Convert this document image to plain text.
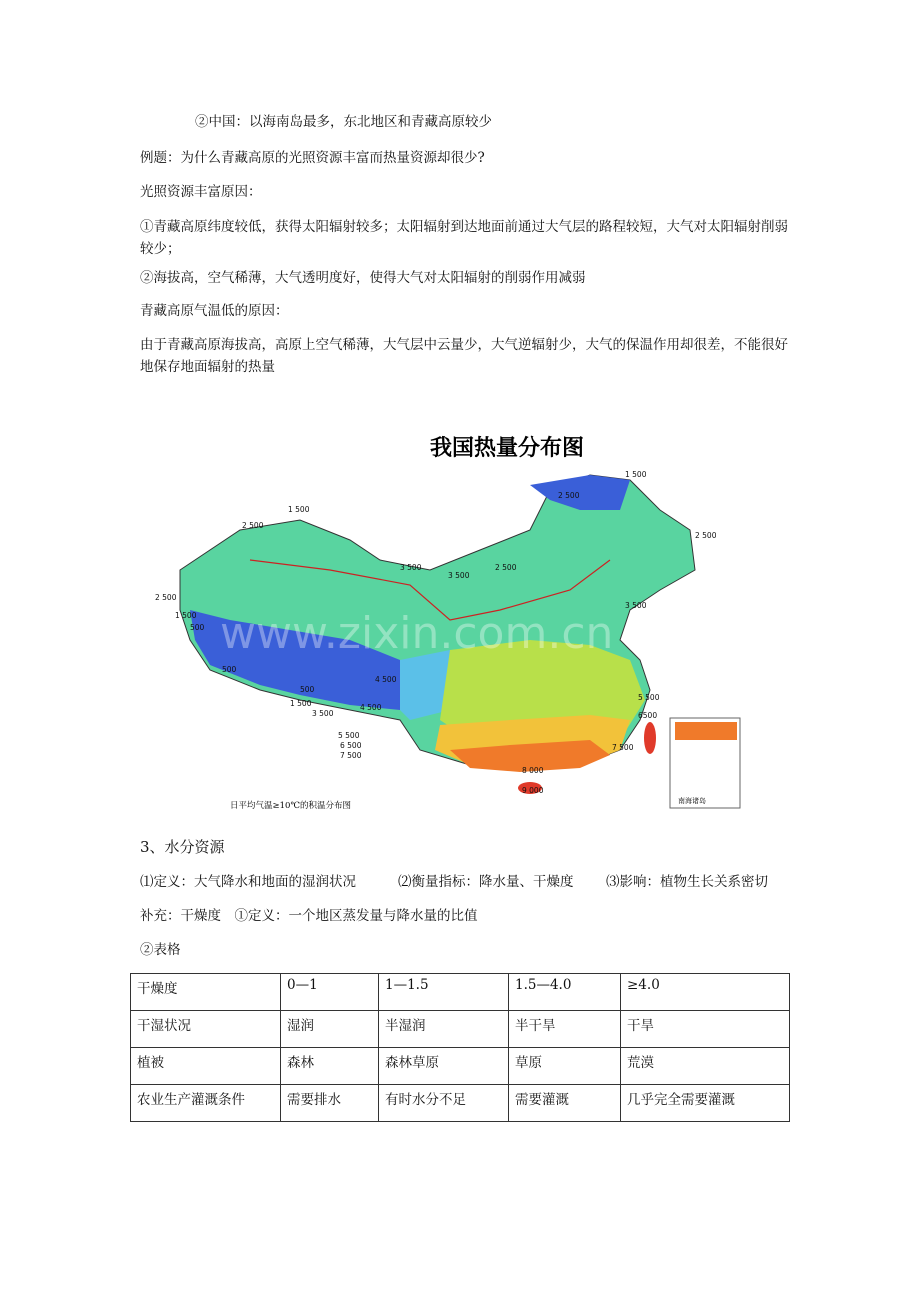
②中国：以海南岛最多，东北地区和青藏高原较少
例题：为什么青藏高原的光照资源丰富而热量资源却很少?
光照资源丰富原因：
①青藏高原纬度较低，获得太阳辐射较多；太阳辐射到达地面前通过大气层的路程较短，大气对太阳辐射削弱较少；
②海拔高，空气稀薄，大气透明度好，使得大气对太阳辐射的削弱作用减弱
青藏高原气温低的原因：
由于青藏高原海拔高，高原上空气稀薄，大气层中云量少，大气逆辐射少，大气的保温作用却很差，不能很好地保存地面辐射的热量
我国热量分布图
南海诸岛
1 500
2 500
1 500
2 500
2 500
3 500
3 500
2 500
2 500
3 500
1 500
500
500
500
1 500
3 500
4 500
4 500
5 500
5 500
6 500
7 500
6500
7 500
8 000
9 000
日平均气温≥10℃的积温分布图
www.zixin.com.cn
3、水分资源
⑴定义：大气降水和地面的湿润状况	⑵衡量指标：降水量、干燥度 ⑶影响：植物生长关系密切
补充：干燥度　①定义：一个地区蒸发量与降水量的比值
②表格
干燥度	0—1	1—1.5	1.5—4.0	≥4.0
干湿状况	湿润	半湿润	半干旱	干旱
植被	森林	森林草原	草原	荒漠
农业生产灌溉条件	需要排水	有时水分不足	需要灌溉	几乎完全需要灌溉
